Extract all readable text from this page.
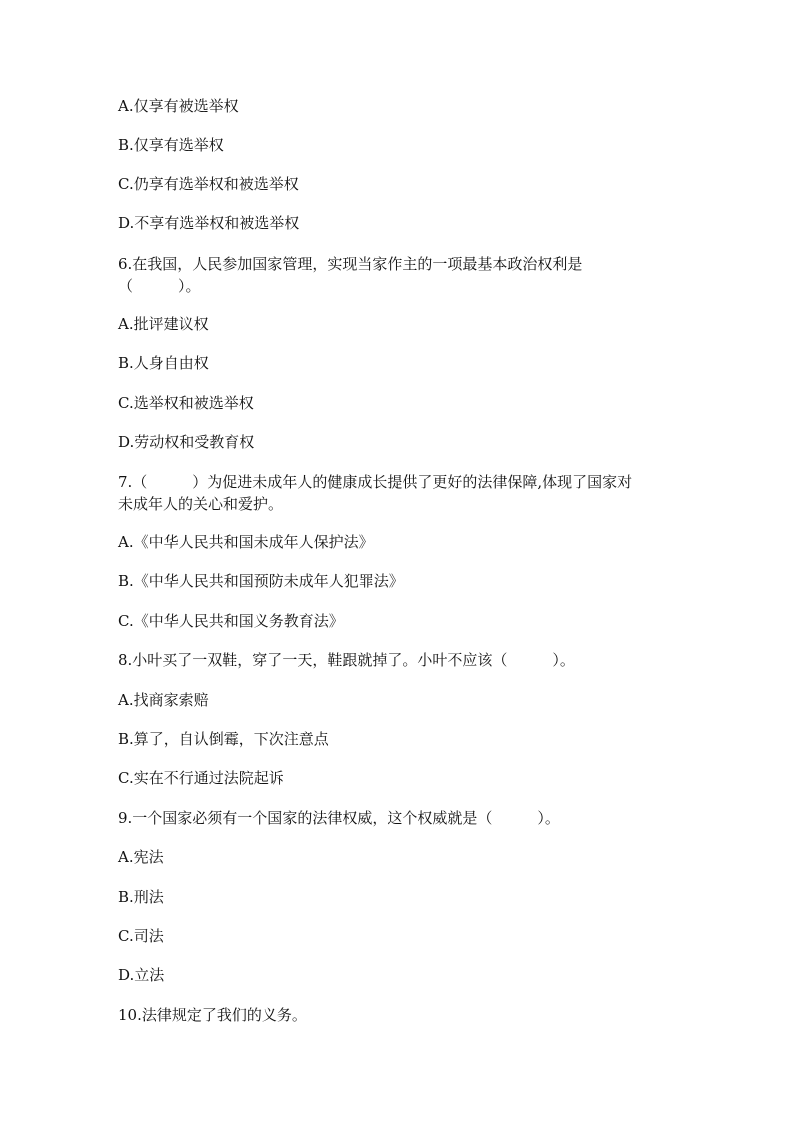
A.仅享有被选举权
B.仅享有选举权
C.仍享有选举权和被选举权
D.不享有选举权和被选举权
6.在我国，人民参加国家管理，实现当家作主的一项最基本政治权利是
（　　　）。
A.批评建议权
B.人身自由权
C.选举权和被选举权
D.劳动权和受教育权
7.（　　　）为促进未成年人的健康成长提供了更好的法律保障,体现了国家对
未成年人的关心和爱护。
A.《中华人民共和国未成年人保护法》
B.《中华人民共和国预防未成年人犯罪法》
C.《中华人民共和国义务教育法》
8.小叶买了一双鞋，穿了一天，鞋跟就掉了。小叶不应该（　　　）。
A.找商家索赔
B.算了，自认倒霉，下次注意点
C.实在不行通过法院起诉
9.一个国家必须有一个国家的法律权威，这个权威就是（　　　）。
A.宪法
B.刑法
C.司法
D.立法
10.法律规定了我们的义务。
